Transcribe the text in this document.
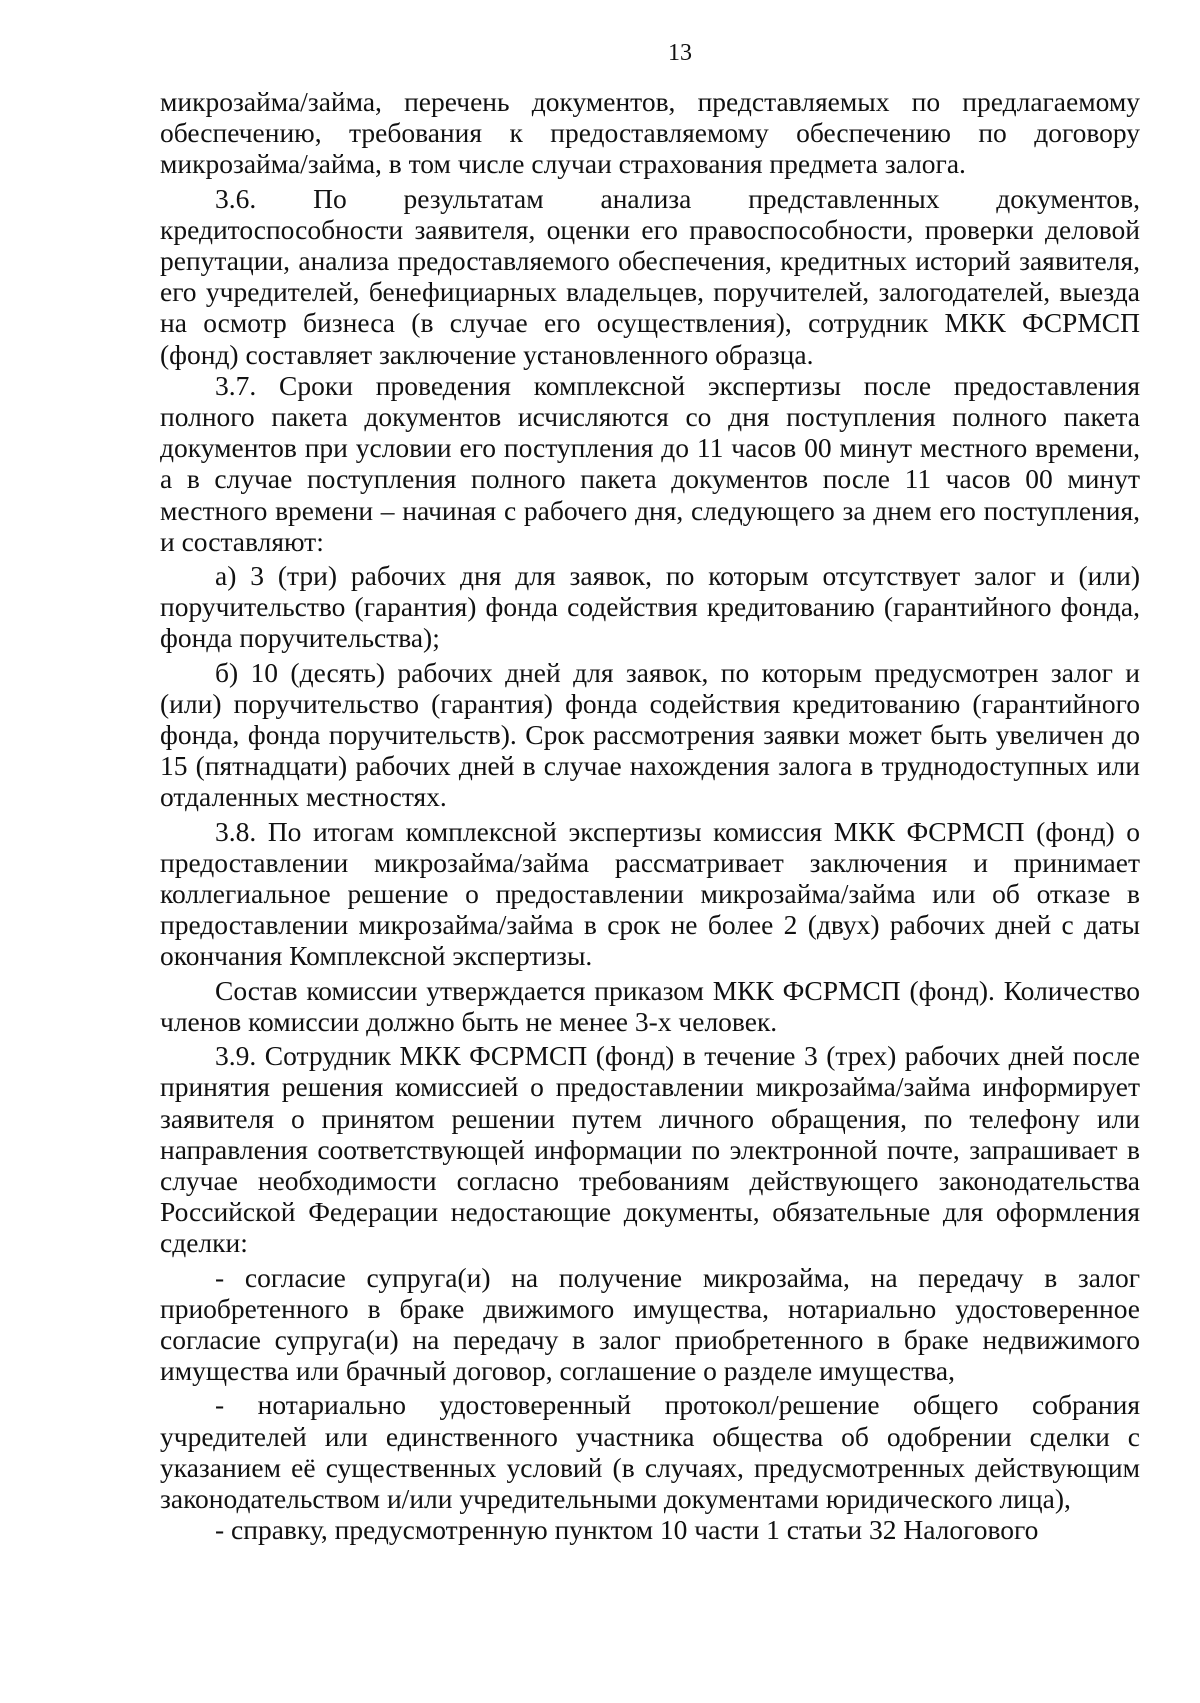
13

микрозайма/займа, перечень документов, представляемых по предлагаемому обеспечению, требования к предоставляемому обеспечению по договору микрозайма/займа, в том числе случаи страхования предмета залога.

3.6. По результатам анализа представленных документов, кредитоспособности заявителя, оценки его правоспособности, проверки деловой репутации, анализа предоставляемого обеспечения, кредитных историй заявителя, его учредителей, бенефициарных владельцев, поручителей, залогодателей, выезда на осмотр бизнеса (в случае его осуществления), сотрудник МКК ФСРМСП (фонд) составляет заключение установленного образца.

3.7. Сроки проведения комплексной экспертизы после предоставления полного пакета документов исчисляются со дня поступления полного пакета документов при условии его поступления до 11 часов 00 минут местного времени, а в случае поступления полного пакета документов после 11 часов 00 минут местного времени – начиная с рабочего дня, следующего за днем его поступления, и составляют:

а) 3 (три) рабочих дня для заявок, по которым отсутствует залог и (или) поручительство (гарантия) фонда содействия кредитованию (гарантийного фонда, фонда поручительства);

б) 10 (десять) рабочих дней для заявок, по которым предусмотрен залог и (или) поручительство (гарантия) фонда содействия кредитованию (гарантийного фонда, фонда поручительств). Срок рассмотрения заявки может быть увеличен до 15 (пятнадцати) рабочих дней в случае нахождения залога в труднодоступных или отдаленных местностях.

3.8. По итогам комплексной экспертизы комиссия МКК ФСРМСП (фонд) о предоставлении микрозайма/займа рассматривает заключения и принимает коллегиальное решение о предоставлении микрозайма/займа или об отказе в предоставлении микрозайма/займа в срок не более 2 (двух) рабочих дней с даты окончания Комплексной экспертизы.

Состав комиссии утверждается приказом МКК ФСРМСП (фонд). Количество членов комиссии должно быть не менее 3-х человек.

3.9. Сотрудник МКК ФСРМСП (фонд) в течение 3 (трех) рабочих дней после принятия решения комиссией о предоставлении микрозайма/займа информирует заявителя о принятом решении путем личного обращения, по телефону или направления соответствующей информации по электронной почте, запрашивает в случае необходимости согласно требованиям действующего законодательства Российской Федерации недостающие документы, обязательные для оформления сделки:

- согласие супруга(и) на получение микрозайма, на передачу в залог приобретенного в браке движимого имущества, нотариально удостоверенное согласие супруга(и) на передачу в залог приобретенного в браке недвижимого имущества или брачный договор, соглашение о разделе имущества,

- нотариально удостоверенный протокол/решение общего собрания учредителей или единственного участника общества об одобрении сделки с указанием её существенных условий (в случаях, предусмотренных действующим законодательством и/или учредительными документами юридического лица),

- справку, предусмотренную пунктом 10 части 1 статьи 32 Налогового
